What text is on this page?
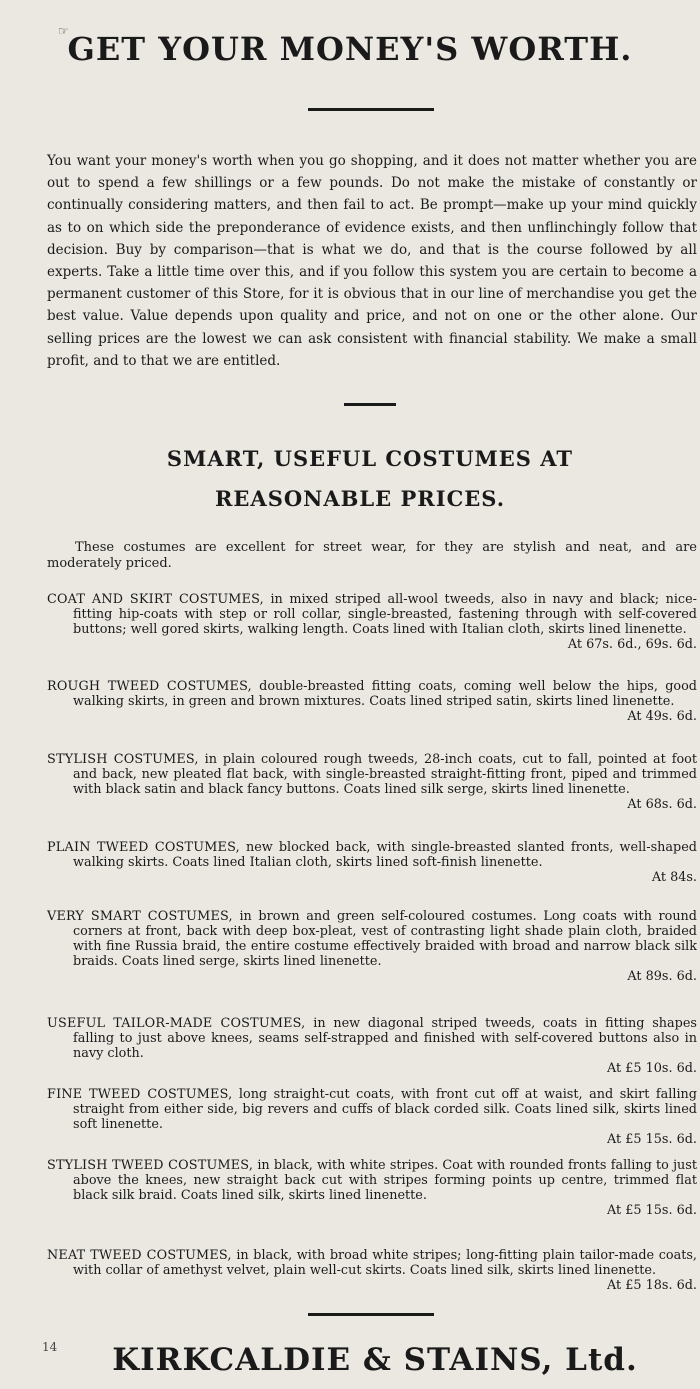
☞
GET YOUR MONEY'S WORTH.

You want your money's worth when you go shopping, and it does not matter whether you are out to spend a few shillings or a few pounds. Do not make the mistake of constantly or continually considering matters, and then fail to act. Be prompt—make up your mind quickly as to on which side the preponderance of evidence exists, and then unflinchingly follow that decision. Buy by comparison—that is what we do, and that is the course followed by all experts. Take a little time over this, and if you follow this system you are certain to become a permanent customer of this Store, for it is obvious that in our line of merchandise you get the best value. Value depends upon quality and price, and not on one or the other alone. Our selling prices are the lowest we can ask consistent with financial stability. We make a small profit, and to that we are entitled.

SMART, USEFUL COSTUMES AT
REASONABLE PRICES.

These costumes are excellent for street wear, for they are stylish and neat, and are moderately priced.

COAT AND SKIRT COSTUMES, in mixed striped all-wool tweeds, also in navy and black; nice-fitting hip-coats with step or roll collar, single-breasted, fastening through with self-covered buttons; well gored skirts, walking length. Coats lined with Italian cloth, skirts lined linenette.
At 67s. 6d., 69s. 6d.
ROUGH TWEED COSTUMES, double-breasted fitting coats, coming well below the hips, good walking skirts, in green and brown mixtures. Coats lined striped satin, skirts lined linenette.
At 49s. 6d.
STYLISH COSTUMES, in plain coloured rough tweeds, 28-inch coats, cut to fall, pointed at foot and back, new pleated flat back, with single-breasted straight-fitting front, piped and trimmed with black satin and black fancy buttons. Coats lined silk serge, skirts lined linenette.
At 68s. 6d.
PLAIN TWEED COSTUMES, new blocked back, with single-breasted slanted fronts, well-shaped walking skirts. Coats lined Italian cloth, skirts lined soft-finish linenette.
At 84s.
VERY SMART COSTUMES, in brown and green self-coloured costumes. Long coats with round corners at front, back with deep box-pleat, vest of contrasting light shade plain cloth, braided with fine Russia braid, the entire costume effectively braided with broad and narrow black silk braids. Coats lined serge, skirts lined linenette.
At 89s. 6d.
USEFUL TAILOR-MADE COSTUMES, in new diagonal striped tweeds, coats in fitting shapes falling to just above knees, seams self-strapped and finished with self-covered buttons also in navy cloth.
At £5 10s. 6d.
FINE TWEED COSTUMES, long straight-cut coats, with front cut off at waist, and skirt falling straight from either side, big revers and cuffs of black corded silk. Coats lined silk, skirts lined soft linenette.
At £5 15s. 6d.
STYLISH TWEED COSTUMES, in black, with white stripes. Coat with rounded fronts falling to just above the knees, new straight back cut with stripes forming points up centre, trimmed flat black silk braid. Coats lined silk, skirts lined linenette.
At £5 15s. 6d.
NEAT TWEED COSTUMES, in black, with broad white stripes; long-fitting plain tailor-made coats, with collar of amethyst velvet, plain well-cut skirts. Coats lined silk, skirts lined linenette.
At £5 18s. 6d.
14	KIRKCALDIE & STAINS, Ltd.
